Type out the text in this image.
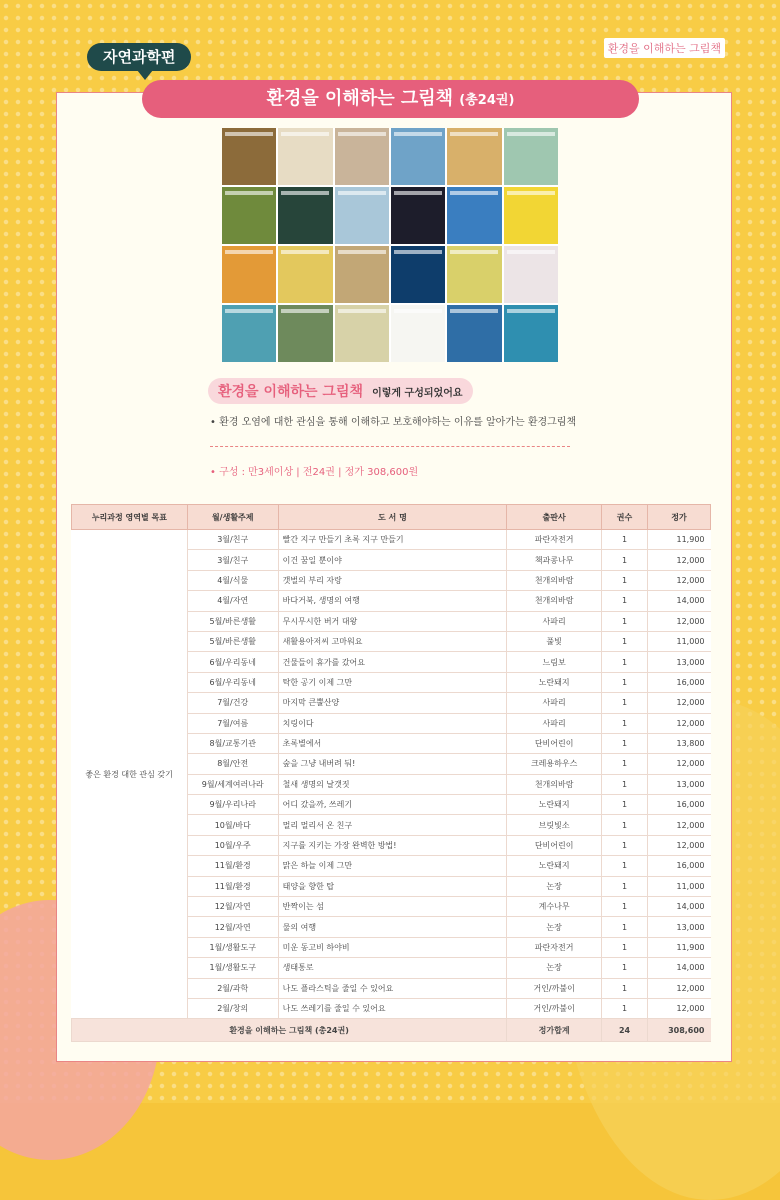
환경을 이해하는 그림책
자연과학편
환경을 이해하는 그림책 (총24권)
환경을 이해하는 그림책 이렇게 구성되었어요
• 환경 오염에 대한 관심을 통해 이해하고 보호해야하는 이유를 알아가는 환경그림책
• 구성 : 만3세이상 | 전24권 | 정가 308,600원
누리과정 영역별 목표	월/생활주제	도 서 명	출판사	권수	정가
좋은 환경 대한 관심 갖기	3월/친구	빨간 지구 만들기 초록 지구 만들기	파란자전거	1	11,900
	3월/친구	이건 꿈일 뿐이야	책과콩나무	1	12,000
	4월/식물	갯벌의 부리 자랑	천개의바람	1	12,000
	4월/자연	바다거북, 생명의 여행	천개의바람	1	14,000
	5월/바른생활	무시무시한 버거 대왕	사파리	1	12,000
	5월/바른생활	새활용아저씨 고마워요	풀빛	1	11,000
	6월/우리동네	건물들이 휴가를 갔어요	느림보	1	13,000
	6월/우리동네	탁한 공기 이제 그만	노란돼지	1	16,000
	7월/건강	마지막 큰뿔산양	사파리	1	12,000
	7월/여름	치링이다	사파리	1	12,000
	8월/교통기관	초록별에서	단비어린이	1	13,800
	8월/안전	숲을 그냥 내버려 둬!	크레용하우스	1	12,000
	9월/세계여러나라	철새 생명의 날갯짓	천개의바람	1	13,000
	9월/우리나라	어디 갔을까, 쓰레기	노란돼지	1	16,000
	10월/바다	멀리 멀리서 온 친구	브릿빛소	1	12,000
	10월/우주	지구를 지키는 가장 완벽한 방법!	단비어린이	1	12,000
	11월/환경	맑은 하늘 이제 그만	노란돼지	1	16,000
	11월/환경	태양을 향한 탑	논장	1	11,000
	12월/자연	반짝이는 섬	계수나무	1	14,000
	12월/자연	물의 여행	논장	1	13,000
	1월/생활도구	미운 동고비 하야비	파란자전거	1	11,900
	1월/생활도구	생태통로	논장	1	14,000
	2월/과학	나도 플라스틱을 줄일 수 있어요	거인/까불이	1	12,000
	2월/창의	나도 쓰레기를 줄일 수 있어요	거인/까불이	1	12,000
환경을 이해하는 그림책 (총24권)			정가합계	24	308,600
